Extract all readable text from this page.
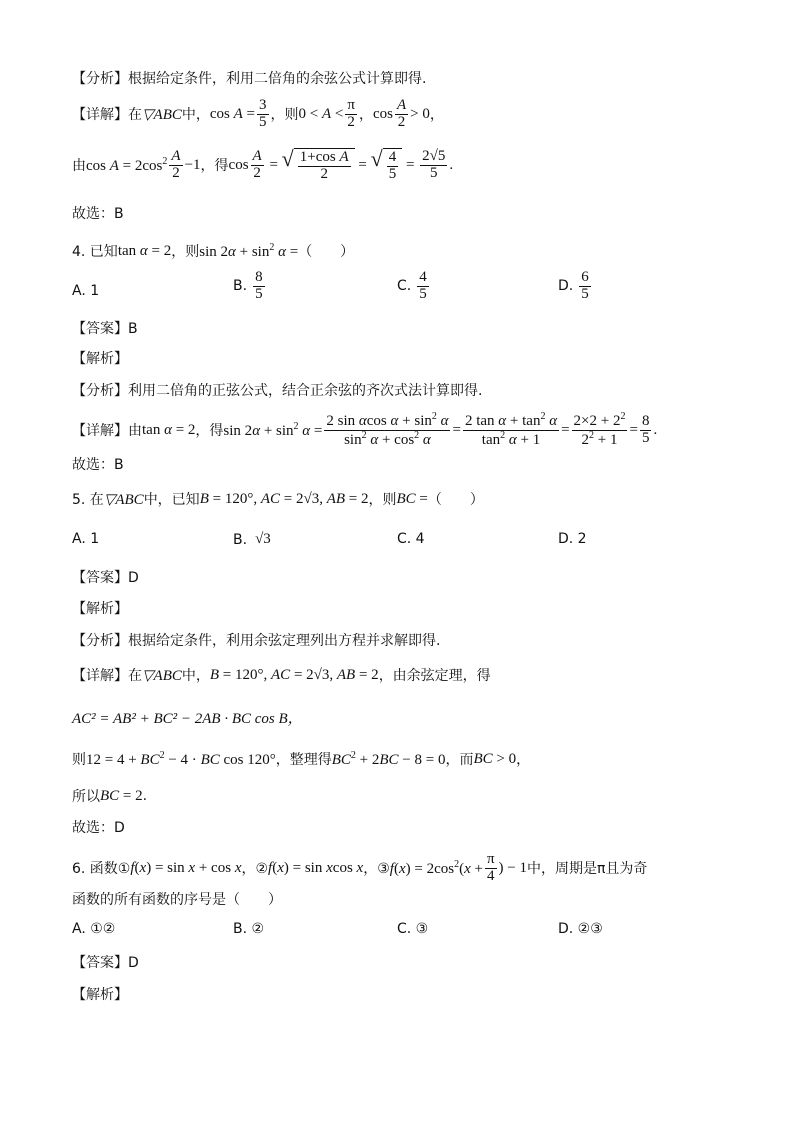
【分析】根据给定条件，利用二倍角的余弦公式计算即得.
【详解】 在 ▽ABC 中， $\cos A = \frac{3}{5}$ ，则 $0 < A < \frac{\pi}{2}$ ， $\cos \frac{A}{2} > 0$ ，
由 $\cos A = 2\cos^2 \frac{A}{2} -1$ ，得 $\cos \frac{A}{2}$ = √ $\frac{\text{1+cos A}}{2}$ = √ $\frac{4}{5} = \frac{2√5}{5}$ .
故选：B
4. 已知 tan α = 2 ，则 $\sin 2\alpha + \sin^2 \alpha$ = （　　）
A. 1	B. $\frac{8}{5}$	C. $\frac{4}{5}$	D. $\frac{6}{5}$
【答案】B
【解析】
【分析】利用二倍角的正弦公式，结合正余弦的齐次式法计算即得.
【详解】 由 tan α = 2 ，得 $\sin 2\alpha + \sin^2 \alpha = \frac{2 \sin \alpha\cos \alpha + \sin^2 \alpha}{\sin^2 \alpha + \cos^2 \alpha} = \frac{2 \tan \alpha + \tan^2 \alpha}{\tan^2 \alpha + 1} = \frac{2\times 2 + 2^2}{2^2 + 1} = \frac{8}{5}$ .
故选：B
5. 在 ▽ABC 中，已知 B = 120°, AC = 2√3, AB = 2 ，则 BC = （　　）
A. 1	B. √3	C. 4	D. 2
【答案】D
【解析】
【分析】根据给定条件，利用余弦定理列出方程并求解即得.
【详解】 在 ▽ABC 中， B = 120°, AC = 2√3, AB = 2 ，由余弦定理，得
AC² = AB² + BC² − 2AB · BC cos B，
则 $12 = 4 + BC^2 - 4$ · BC cos 120° ，整理得 $BC^2 + 2BC - 8 = 0$ ，而 BC > 0 ，
所以 BC = 2 .
故选：D
6. 函数① f(x) = sin x + cos x ，② f(x) = sin xcos x ，③ $f(x) = 2\cos^2(x + \frac{\pi}{4}$ ) − 1 中，周期是π且为奇
函数的所有函数的序号是（　　）
A. ①②	B. ②	C. ③	D. ②③
【答案】D
【解析】
